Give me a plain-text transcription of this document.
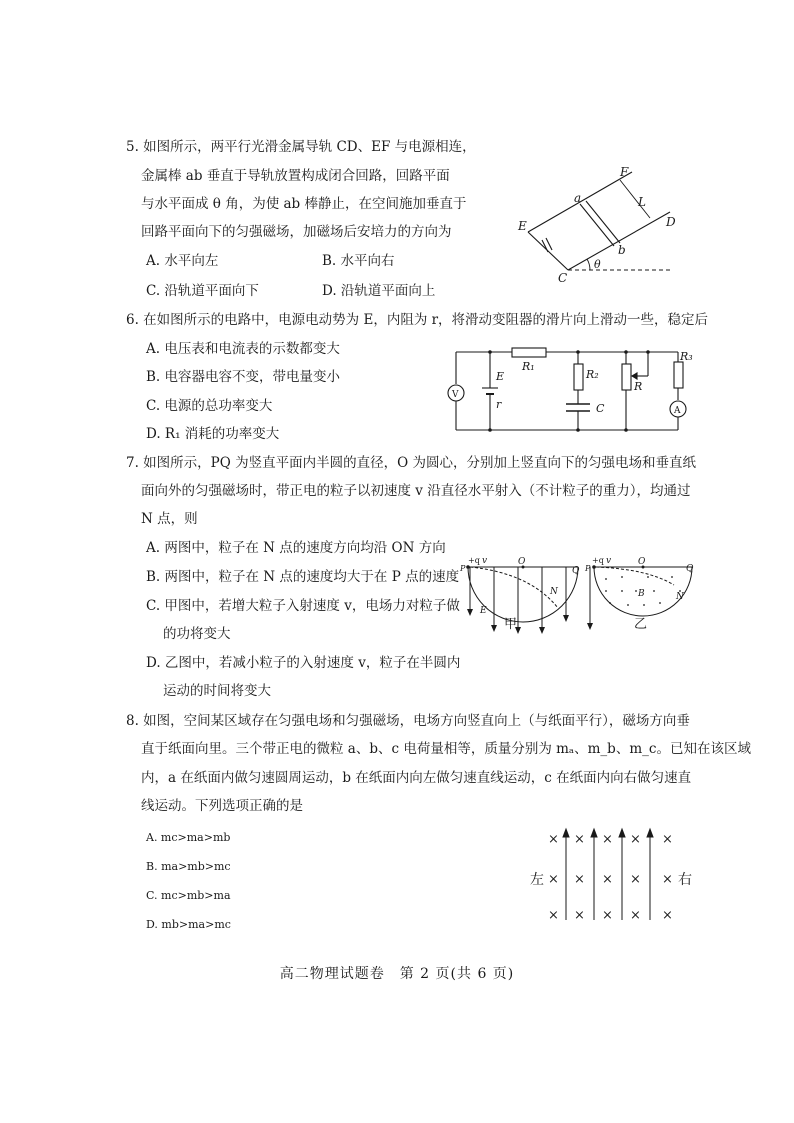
5. 如图所示，两平行光滑金属导轨 CD、EF 与电源相连，
金属棒 ab 垂直于导轨放置构成闭合回路，回路平面
与水平面成 θ 角，为使 ab 棒静止，在空间施加垂直于
回路平面向下的匀强磁场，加磁场后安培力的方向为
A. 水平向左	B. 水平向右
C. 沿轨道平面向下	D. 沿轨道平面向上
E
F
a
b
L
D
C
θ
6. 在如图所示的电路中，电源电动势为 E，内阻为 r，将滑动变阻器的滑片向上滑动一些，稳定后
A. 电压表和电流表的示数都变大
B. 电容器电容不变，带电量变小
C. 电源的总功率变大
D. R₁ 消耗的功率变大
R₁
R₂
R
R₃
E
r	C
V
A
7. 如图所示，PQ 为竖直平面内半圆的直径，O 为圆心，分别加上竖直向下的匀强电场和垂直纸
面向外的匀强磁场时，带正电的粒子以初速度 v 沿直径水平射入（不计粒子的重力），均通过
N 点，则
A. 两图中，粒子在 N 点的速度方向均沿 ON 方向
B. 两图中，粒子在 N 点的速度均大于在 P 点的速度
C. 甲图中，若增大粒子入射速度 v，电场力对粒子做
的功将变大
D. 乙图中，若减小粒子的入射速度 v，粒子在半圆内
运动的时间将变大
+q v
P
O
Q
N
E
甲
+q v
P
O
Q
N
B
乙
8. 如图，空间某区域存在匀强电场和匀强磁场，电场方向竖直向上（与纸面平行），磁场方向垂
直于纸面向里。三个带正电的微粒 a、b、c 电荷量相等，质量分别为 mₐ、m_b、m_c。已知在该区域
内，a 在纸面内做匀速圆周运动，b 在纸面内向左做匀速直线运动，c 在纸面内向右做匀速直
线运动。下列选项正确的是
A. mc>ma>mb
B. ma>mb>mc
C. mc>mb>ma
D. mb>ma>mc
× × × × ×
× × × × ×
× × × × ×
左	右
高二物理试题卷　第 2 页(共 6 页)
